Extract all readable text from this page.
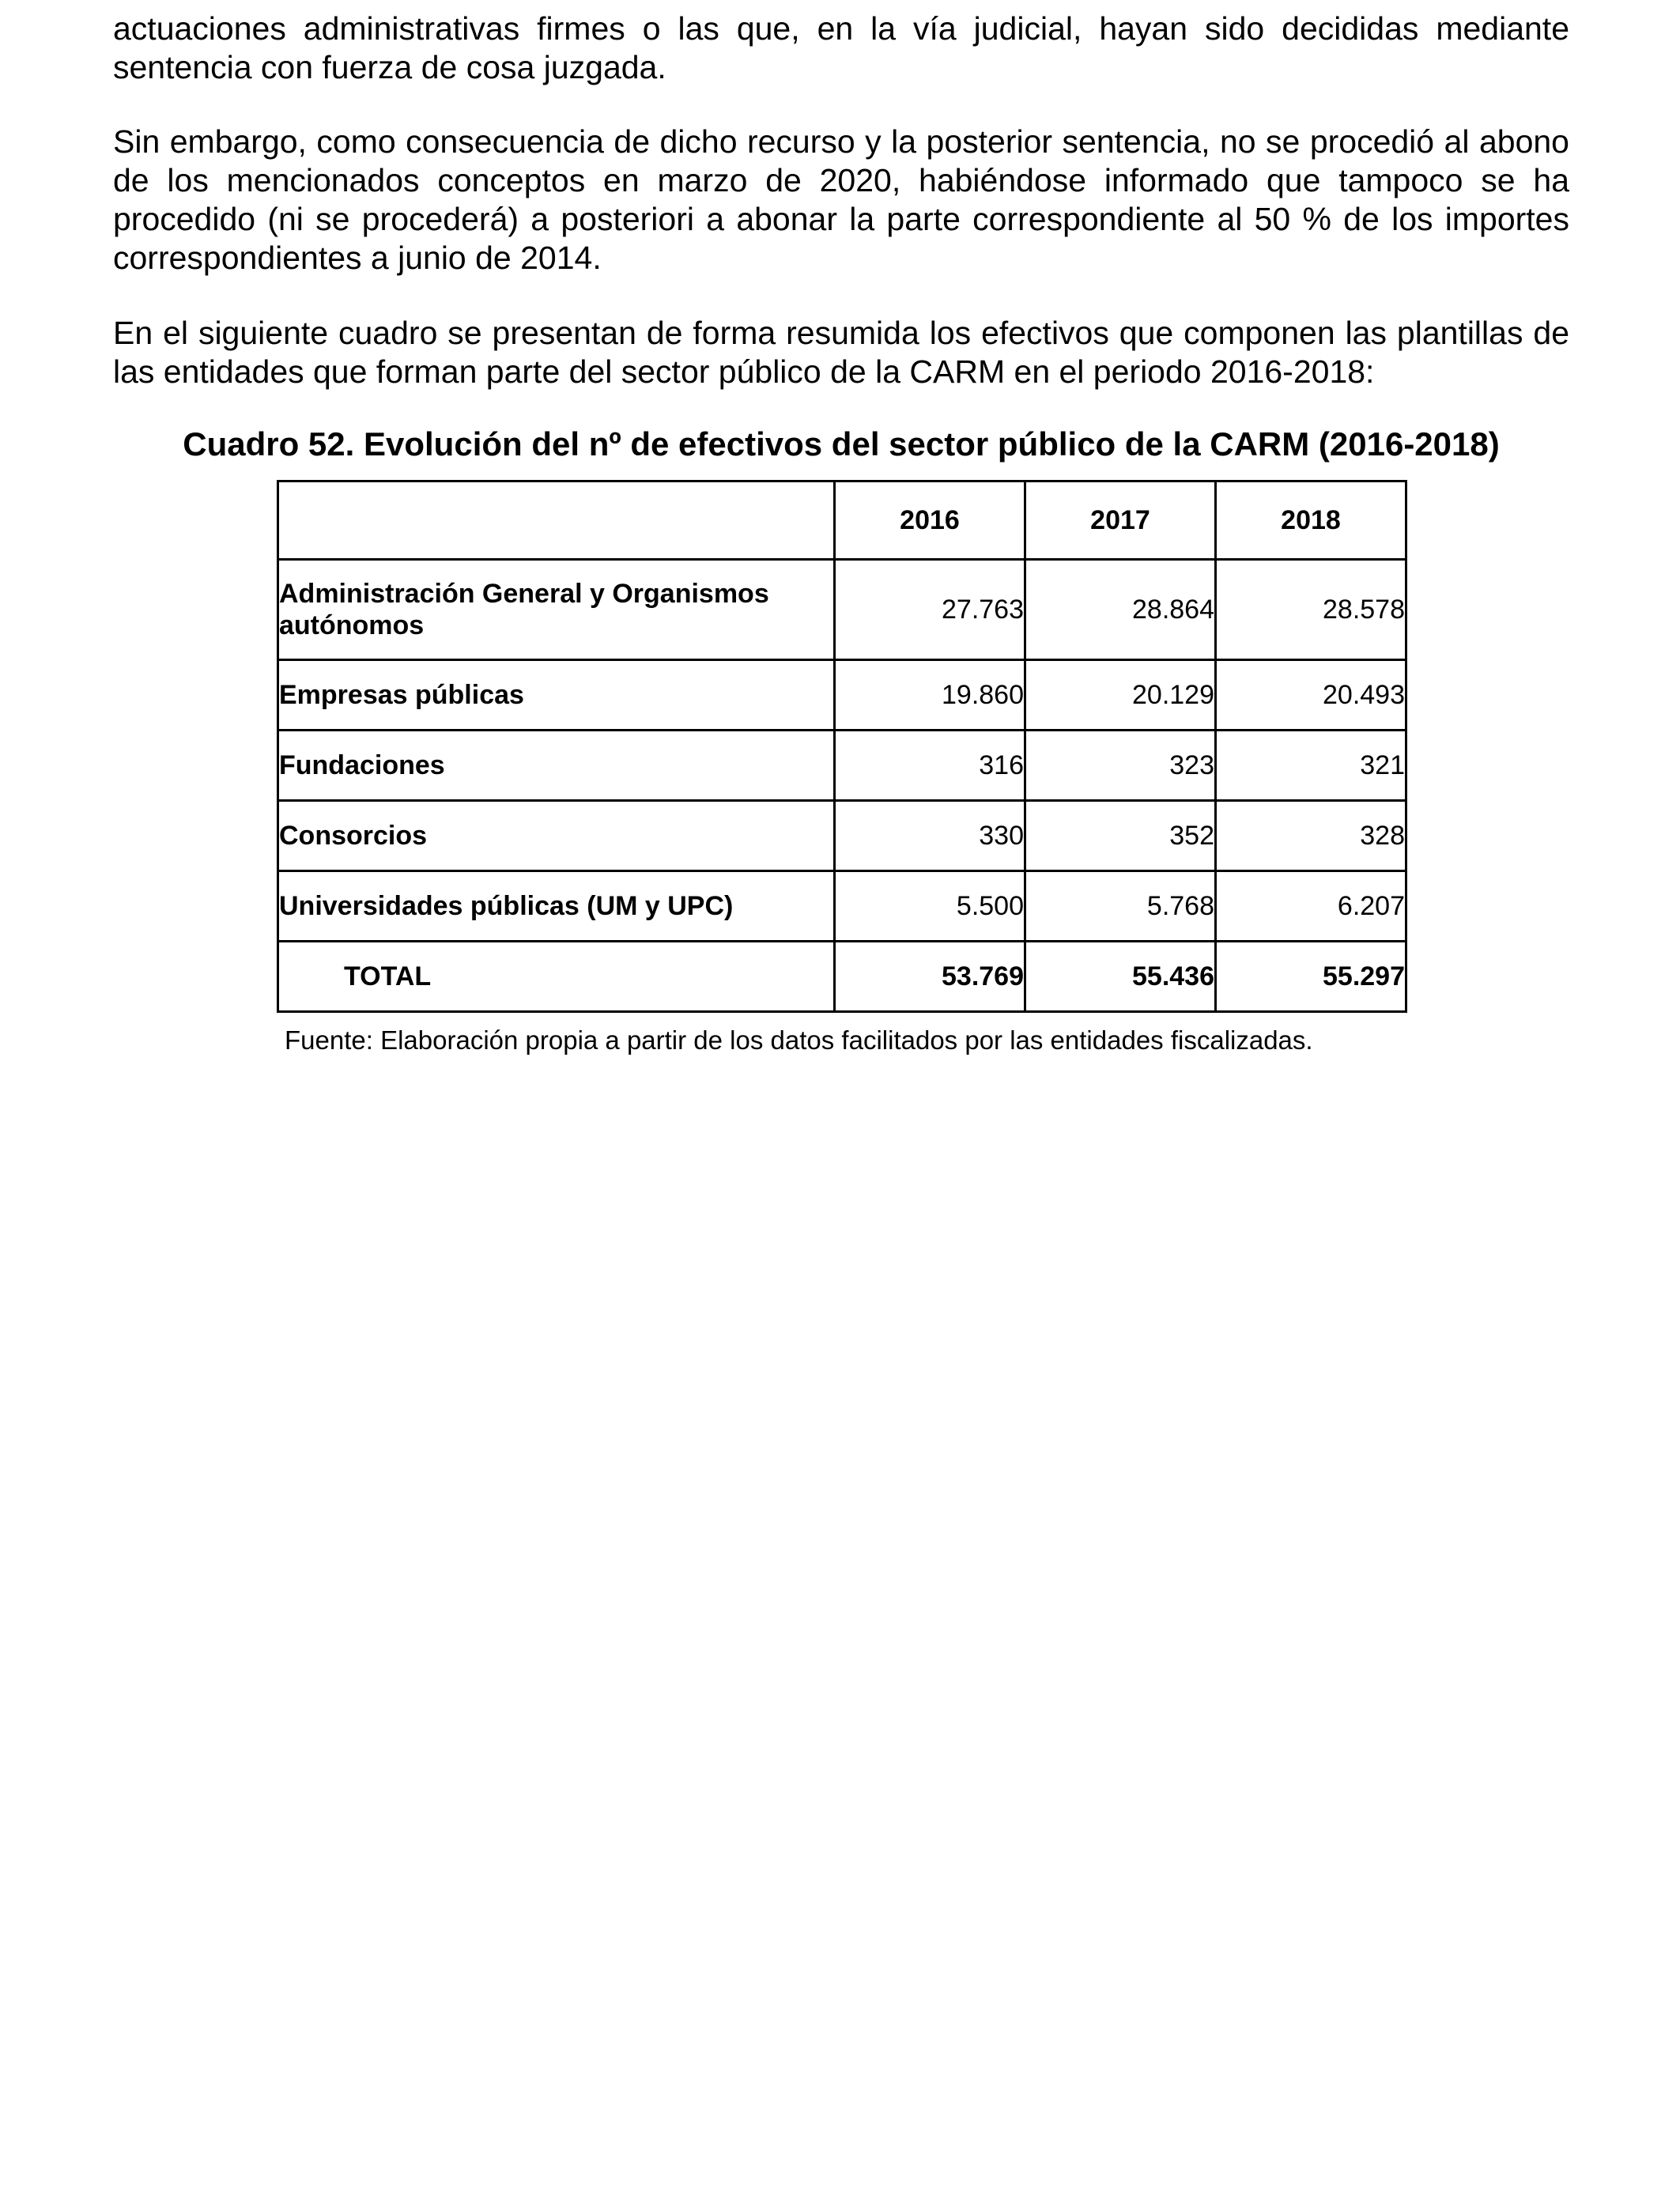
actuaciones administrativas firmes o las que, en la vía judicial, hayan sido decididas mediante sentencia con fuerza de cosa juzgada.

Sin embargo, como consecuencia de dicho recurso y la posterior sentencia, no se procedió al abono de los mencionados conceptos en marzo de 2020, habiéndose informado que tampoco se ha procedido (ni se procederá) a posteriori a abonar la parte correspondiente al 50 % de los importes correspondientes a junio de 2014.

En el siguiente cuadro se presentan de forma resumida los efectivos que componen las plantillas de las entidades que forman parte del sector público de la CARM en el periodo 2016-2018:

Cuadro 52. Evolución del nº de efectivos del sector público de la CARM (2016-2018)

	2016	2017	2018
Administración General y Organismos autónomos	27.763	28.864	28.578
Empresas públicas	19.860	20.129	20.493
Fundaciones	316	323	321
Consorcios	330	352	328
Universidades públicas (UM y UPC)	5.500	5.768	6.207
TOTAL	53.769	55.436	55.297

Fuente: Elaboración propia a partir de los datos facilitados por las entidades fiscalizadas.
